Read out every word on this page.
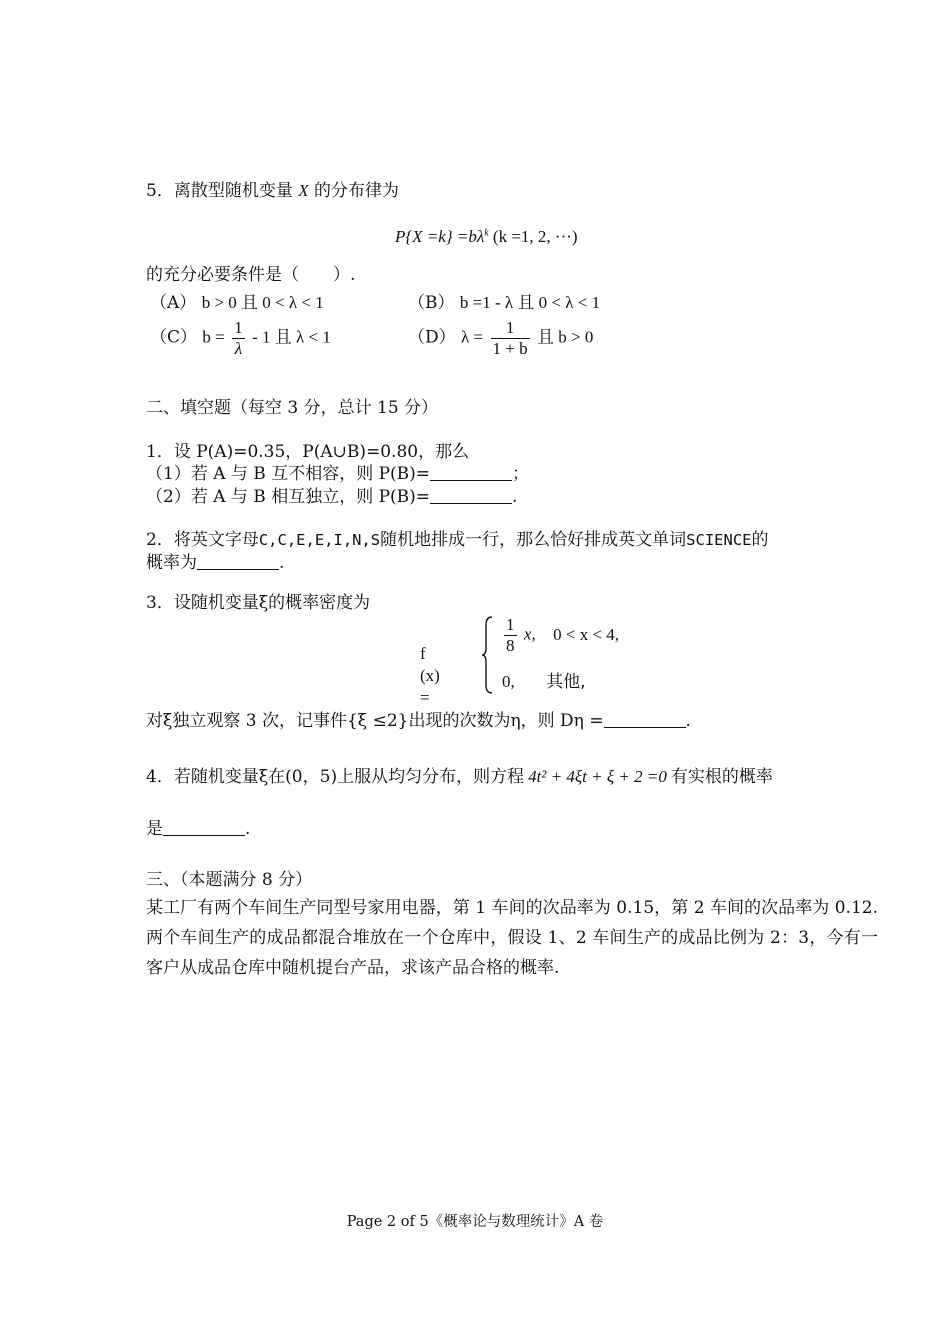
5．离散型随机变量 X 的分布律为
$P\{X =k\} =b\lambda^k$ (k =1, 2, ···)
的充分必要条件是（　　）.
（A） b > 0 且 0 < λ < 1	（B） b =1 - λ 且 0 < λ < 1
（C） $b = \frac{1}{\lambda} - 1$ 且 λ < 1	（D） $\lambda = \frac{1}{1 + b}$ 且 b > 0
二、填空题（每空 3 分，总计 15 分）
1．设 P(A)=0.35，P(A∪B)=0.80，那么
（1）若 A 与 B 互不相容，则 P(B)=	；
（2）若 A 与 B 相互独立，则 P(B)=	.
2．将英文字母C,C,E,E,I,N,S随机地排成一行，那么恰好排成英文单词SCIENCE的
概率为	.
3．设随机变量ξ的概率密度为
f (x) =
$\frac{1}{8} x$, 0 < x < 4,
0, 其他,
对ξ独立观察 3 次，记事件{ξ ≤2}出现的次数为η，则 Dη =	.
4．若随机变量ξ在(0，5)上服从均匀分布，则方程 4t² + 4ξt + ξ + 2 =0 有实根的概率
是	.
三、（本题满分 8 分）
某工厂有两个车间生产同型号家用电器，第 1 车间的次品率为 0.15，第 2 车间的次品率为 0.12. 两个车间生产的成品都混合堆放在一个仓库中，假设 1、2 车间生产的成品比例为 2：3，今有一客户从成品仓库中随机提台产品，求该产品合格的概率.
Page 2 of 5《概率论与数理统计》A 卷
